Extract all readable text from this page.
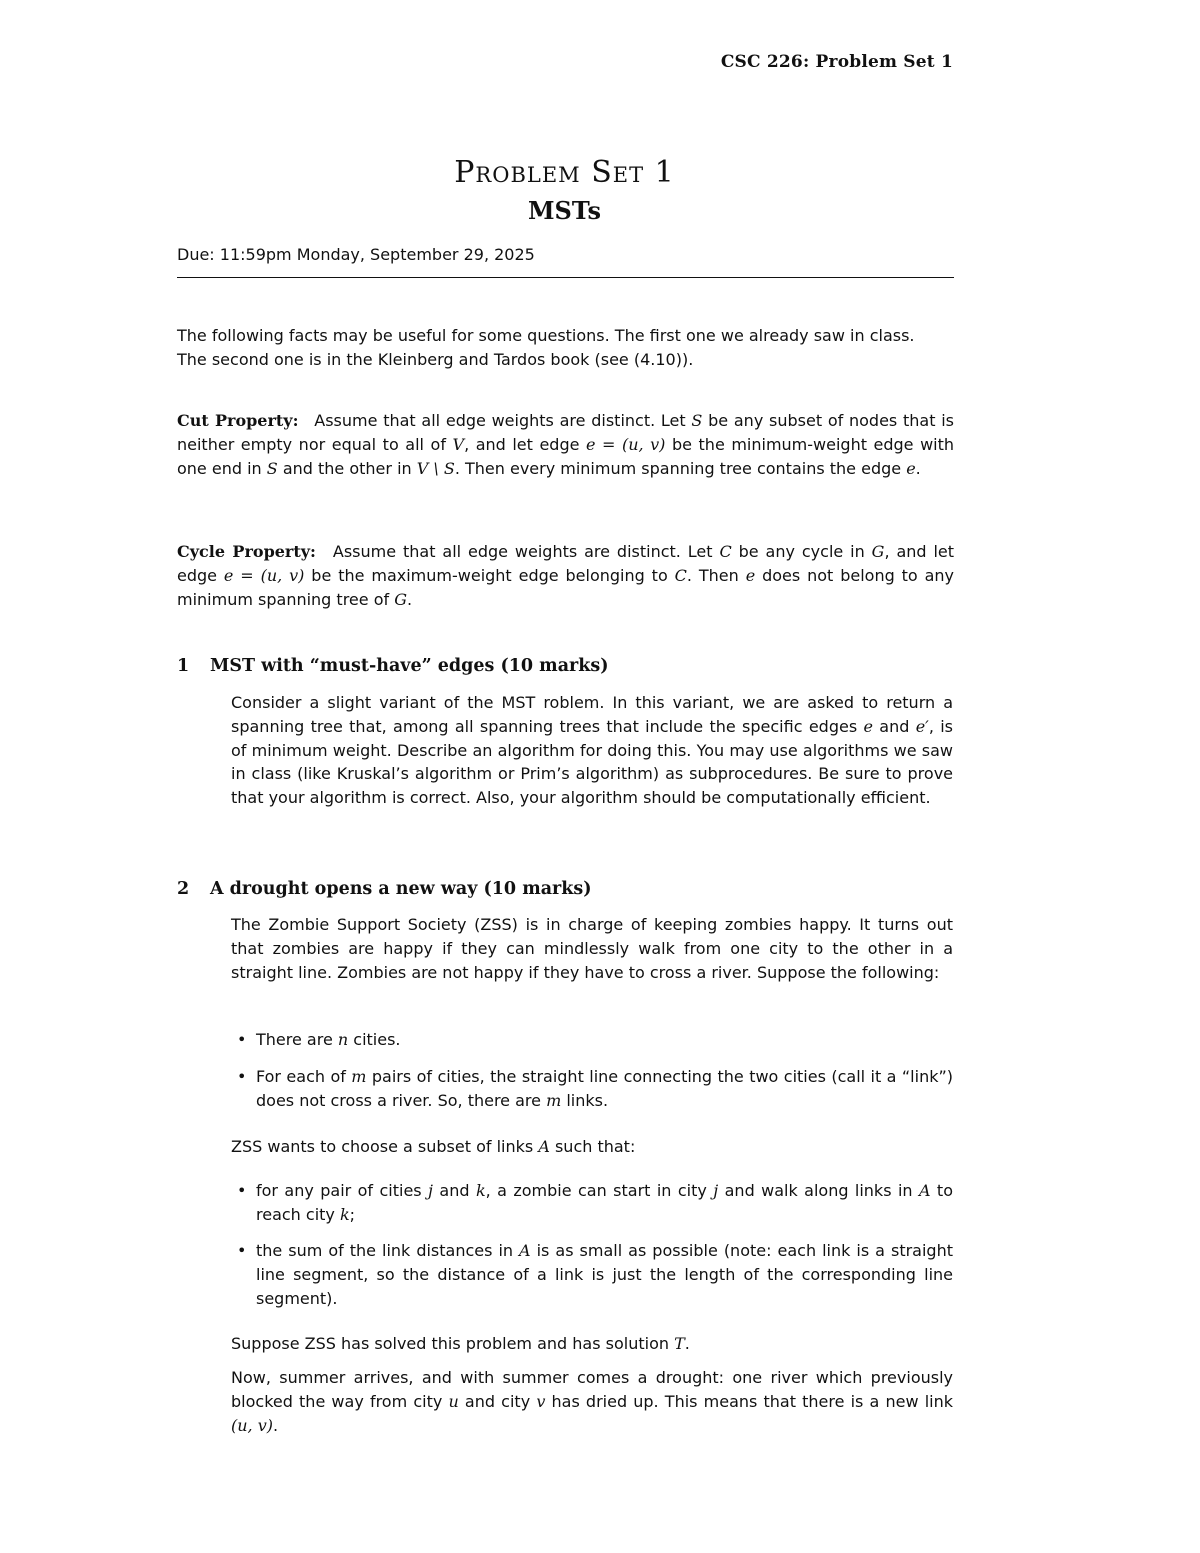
CSC 226: Problem Set 1
Problem Set 1
MSTs
Due: 11:59pm Monday, September 29, 2025

The following facts may be useful for some questions. The first one we already saw in class.

The second one is in the Kleinberg and Tardos book (see (4.10)).

Cut Property: Assume that all edge weights are distinct. Let S be any subset of nodes that is neither empty nor equal to all of V, and let edge e = (u, v) be the minimum-weight edge with one end in S and the other in V \ S. Then every minimum spanning tree contains the edge e.

Cycle Property: Assume that all edge weights are distinct. Let C be any cycle in G, and let edge e = (u, v) be the maximum-weight edge belonging to C. Then e does not belong to any minimum spanning tree of G.

1 MST with “must-have” edges (10 marks)

Consider a slight variant of the MST roblem. In this variant, we are asked to return a spanning tree that, among all spanning trees that include the specific edges e and e′, is of minimum weight. Describe an algorithm for doing this. You may use algorithms we saw in class (like Kruskal’s algorithm or Prim’s algorithm) as subprocedures. Be sure to prove that your algorithm is correct. Also, your algorithm should be computationally efficient.

2 A drought opens a new way (10 marks)

The Zombie Support Society (ZSS) is in charge of keeping zombies happy. It turns out that zombies are happy if they can mindlessly walk from one city to the other in a straight line. Zombies are not happy if they have to cross a river. Suppose the following:

• There are n cities.
• For each of m pairs of cities, the straight line connecting the two cities (call it a “link”) does not cross a river. So, there are m links.

ZSS wants to choose a subset of links A such that:

• for any pair of cities j and k, a zombie can start in city j and walk along links in A to reach city k;
• the sum of the link distances in A is as small as possible (note: each link is a straight line segment, so the distance of a link is just the length of the corresponding line segment).

Suppose ZSS has solved this problem and has solution T.

Now, summer arrives, and with summer comes a drought: one river which previously blocked the way from city u and city v has dried up. This means that there is a new link (u, v).
